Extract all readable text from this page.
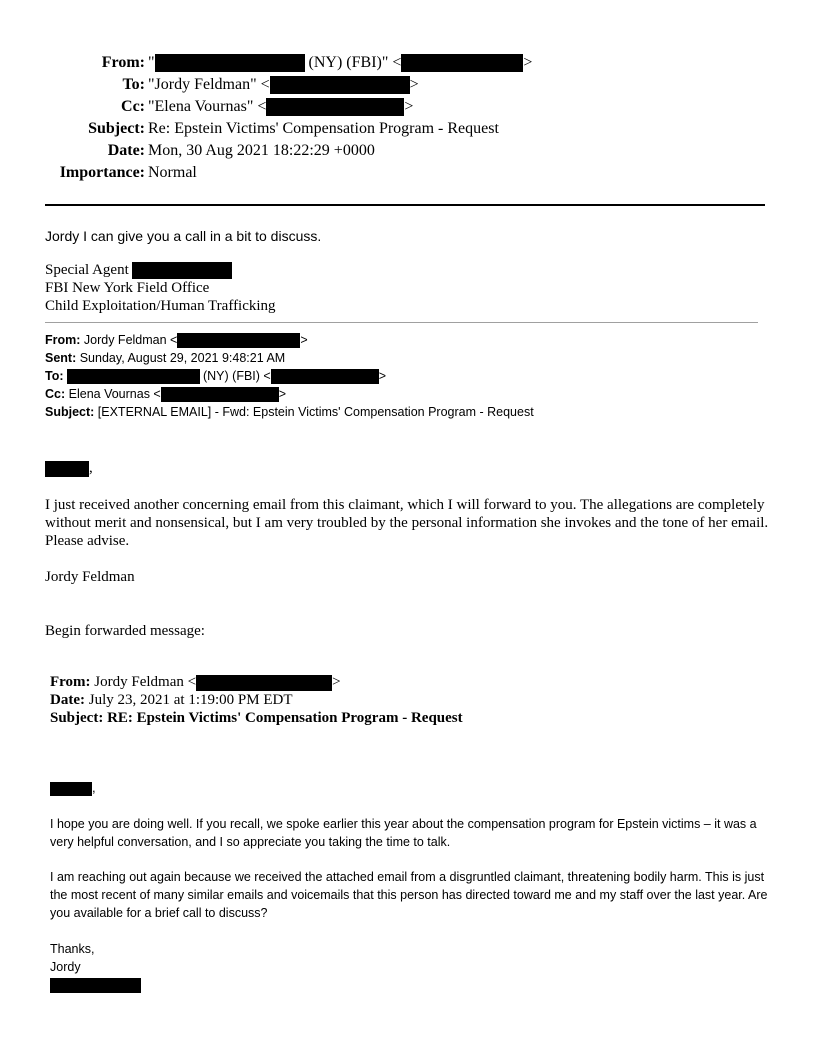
From: "	(NY) (FBI)" <	>
To: "Jordy Feldman" <	>
Cc: "Elena Vournas" <	>
Subject: Re: Epstein Victims' Compensation Program - Request
Date: Mon, 30 Aug 2021 18:22:29 +0000
Importance: Normal
Jordy I can give you a call in a bit to discuss.
Special Agent
FBI New York Field Office
Child Exploitation/Human Trafficking
From: Jordy Feldman <	>
Sent: Sunday, August 29, 2021 9:48:21 AM
To:	(NY) (FBI) <	>
Cc: Elena Vournas <	>
Subject: [EXTERNAL EMAIL] - Fwd: Epstein Victims' Compensation Program - Request
,

I just received another concerning email from this claimant, which I will forward to you. The allegations are completely without merit and nonsensical, but I am very troubled by the personal information she invokes and the tone of her email. Please advise.

Jordy Feldman
Begin forwarded message:
From: Jordy Feldman <	>
Date: July 23, 2021 at 1:19:00 PM EDT
Subject: RE: Epstein Victims' Compensation Program - Request
,

I hope you are doing well. If you recall, we spoke earlier this year about the compensation program for Epstein victims – it was a very helpful conversation, and I so appreciate you taking the time to talk.

I am reaching out again because we received the attached email from a disgruntled claimant, threatening bodily harm. This is just the most recent of many similar emails and voicemails that this person has directed toward me and my staff over the last year. Are you available for a brief call to discuss?

Thanks,
Jordy
